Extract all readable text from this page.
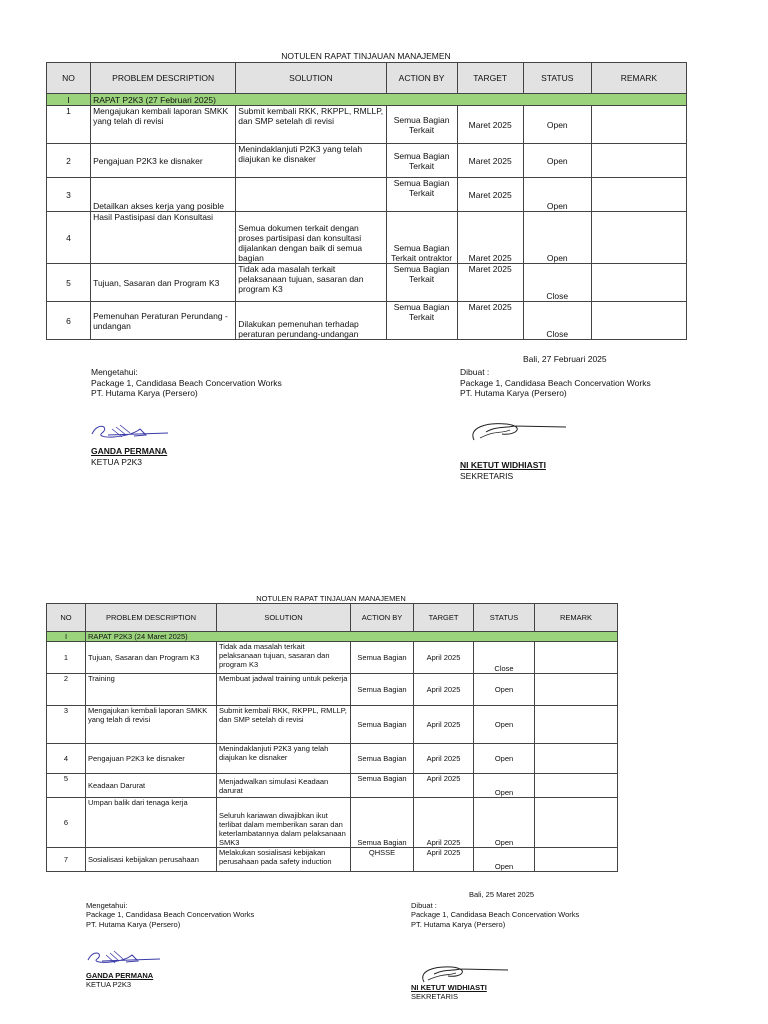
NOTULEN RAPAT TINJAUAN MANAJEMEN
NO	PROBLEM DESCRIPTION	SOLUTION	ACTION BY	TARGET	STATUS	REMARK
I	RAPAT P2K3 (27 Februari 2025)					
1	Mengajukan kembali laporan SMKK yang telah di revisi	Submit kembali RKK, RKPPL, RMLLP, dan SMP setelah di revisi	Semua Bagian Terkait	Maret 2025	Open	
2	Pengajuan P2K3 ke disnaker	Menindaklanjuti P2K3 yang telah diajukan ke disnaker	Semua Bagian Terkait	Maret 2025	Open	
3	Detailkan akses kerja yang posible		Semua Bagian Terkait	Maret 2025	Open	
4	Hasil Pastisipasi dan Konsultasi	Semua dokumen terkait dengan proses partisipasi dan konsultasi dijalankan dengan baik di semua bagian	Semua Bagian Terkait ontraktor	Maret 2025	Open	
5	Tujuan, Sasaran dan Program K3	Tidak ada masalah terkait pelaksanaan tujuan, sasaran dan program K3	Semua Bagian Terkait	Maret 2025	Close	
6	Pemenuhan Peraturan Perundang -undangan	Dilakukan pemenuhan terhadap peraturan perundang-undangan	Semua Bagian Terkait	Maret 2025	Close	
Bali, 27 Februari 2025
Mengetahui:
Package 1, Candidasa Beach Concervation Works
PT. Hutama Karya (Persero)
GANDA PERMANA
KETUA P2K3
Dibuat :
Package 1, Candidasa Beach Concervation Works
PT. Hutama Karya (Persero)
NI KETUT WIDHIASTI
SEKRETARIS
NOTULEN RAPAT TINJAUAN MANAJEMEN
NO	PROBLEM DESCRIPTION	SOLUTION	ACTION BY	TARGET	STATUS	REMARK
I	RAPAT P2K3 (24 Maret 2025)					
1	Tujuan, Sasaran dan Program K3	Tidak ada masalah terkait pelaksanaan tujuan, sasaran dan program K3	Semua Bagian	April 2025	Close	
2	Training	Membuat jadwal training untuk pekerja	Semua Bagian	April 2025	Open	
3	Mengajukan kembali laporan SMKK yang telah di revisi	Submit kembali RKK, RKPPL, RMLLP, dan SMP setelah di revisi	Semua Bagian	April 2025	Open	
4	Pengajuan P2K3 ke disnaker	Menindaklanjuti P2K3 yang telah diajukan ke disnaker	Semua Bagian	April 2025	Open	
5	Keadaan Darurat	Menjadwalkan simulasi Keadaan darurat	Semua Bagian	April 2025	Open	
6	Umpan balik dari tenaga kerja	Seluruh kariawan diwajibkan ikut terlibat dalam memberikan saran dan keterlambatannya dalam pelaksanaan SMK3	Semua Bagian	April 2025	Open	
7	Sosialisasi kebijakan perusahaan	Melakukan sosialisasi kebijakan perusahaan pada safety induction	QHSSE	April 2025	Open	
Bali, 25 Maret 2025
Mengetahui:
Package 1, Candidasa Beach Concervation Works
PT. Hutama Karya (Persero)
GANDA PERMANA
KETUA P2K3
Dibuat :
Package 1, Candidasa Beach Concervation Works
PT. Hutama Karya (Persero)
NI KETUT WIDHIASTI
SEKRETARIS
